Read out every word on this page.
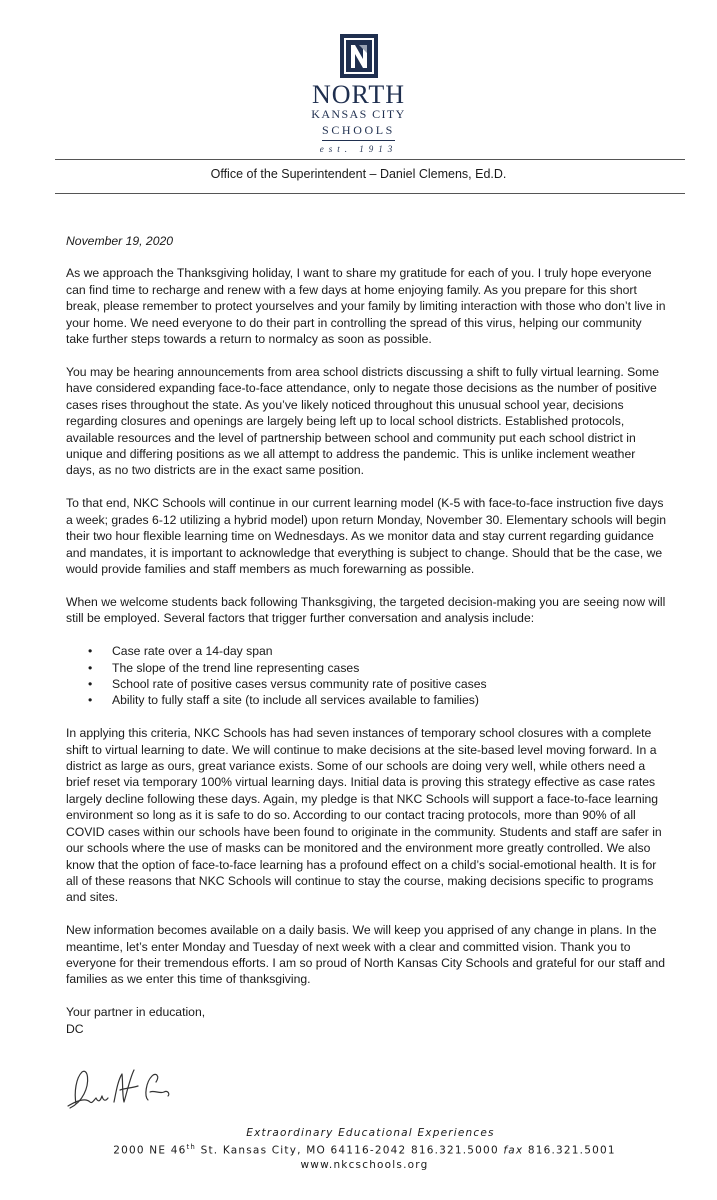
NORTH
KANSAS CITY
SCHOOLS
est. 1913
Office of the Superintendent – Daniel Clemens, Ed.D.
November 19, 2020

As we approach the Thanksgiving holiday, I want to share my gratitude for each of you. I truly hope everyone can find time to recharge and renew with a few days at home enjoying family. As you prepare for this short break, please remember to protect yourselves and your family by limiting interaction with those who don’t live in your home. We need everyone to do their part in controlling the spread of this virus, helping our community take further steps towards a return to normalcy as soon as possible.

You may be hearing announcements from area school districts discussing a shift to fully virtual learning. Some have considered expanding face-to-face attendance, only to negate those decisions as the number of positive cases rises throughout the state. As you’ve likely noticed throughout this unusual school year, decisions regarding closures and openings are largely being left up to local school districts. Established protocols, available resources and the level of partnership between school and community put each school district in unique and differing positions as we all attempt to address the pandemic. This is unlike inclement weather days, as no two districts are in the exact same position.

To that end, NKC Schools will continue in our current learning model (K-5 with face-to-face instruction five days a week; grades 6-12 utilizing a hybrid model) upon return Monday, November 30. Elementary schools will begin their two hour flexible learning time on Wednesdays. As we monitor data and stay current regarding guidance and mandates, it is important to acknowledge that everything is subject to change. Should that be the case, we would provide families and staff members as much forewarning as possible.

When we welcome students back following Thanksgiving, the targeted decision-making you are seeing now will still be employed. Several factors that trigger further conversation and analysis include:

• Case rate over a 14-day span
• The slope of the trend line representing cases
• School rate of positive cases versus community rate of positive cases
• Ability to fully staff a site (to include all services available to families)

In applying this criteria, NKC Schools has had seven instances of temporary school closures with a complete shift to virtual learning to date. We will continue to make decisions at the site-based level moving forward. In a district as large as ours, great variance exists. Some of our schools are doing very well, while others need a brief reset via temporary 100% virtual learning days. Initial data is proving this strategy effective as case rates largely decline following these days. Again, my pledge is that NKC Schools will support a face-to-face learning environment so long as it is safe to do so. According to our contact tracing protocols, more than 90% of all COVID cases within our schools have been found to originate in the community. Students and staff are safer in our schools where the use of masks can be monitored and the environment more greatly controlled. We also know that the option of face-to-face learning has a profound effect on a child’s social-emotional health. It is for all of these reasons that NKC Schools will continue to stay the course, making decisions specific to programs and sites.

New information becomes available on a daily basis. We will keep you apprised of any change in plans. In the meantime, let’s enter Monday and Tuesday of next week with a clear and committed vision. Thank you to everyone for their tremendous efforts. I am so proud of North Kansas City Schools and grateful for our staff and families as we enter this time of thanksgiving.

Your partner in education,
DC
Extraordinary Educational Experiences
2000 NE 46th St. Kansas City, MO 64116-2042 816.321.5000 fax 816.321.5001
www.nkcschools.org
